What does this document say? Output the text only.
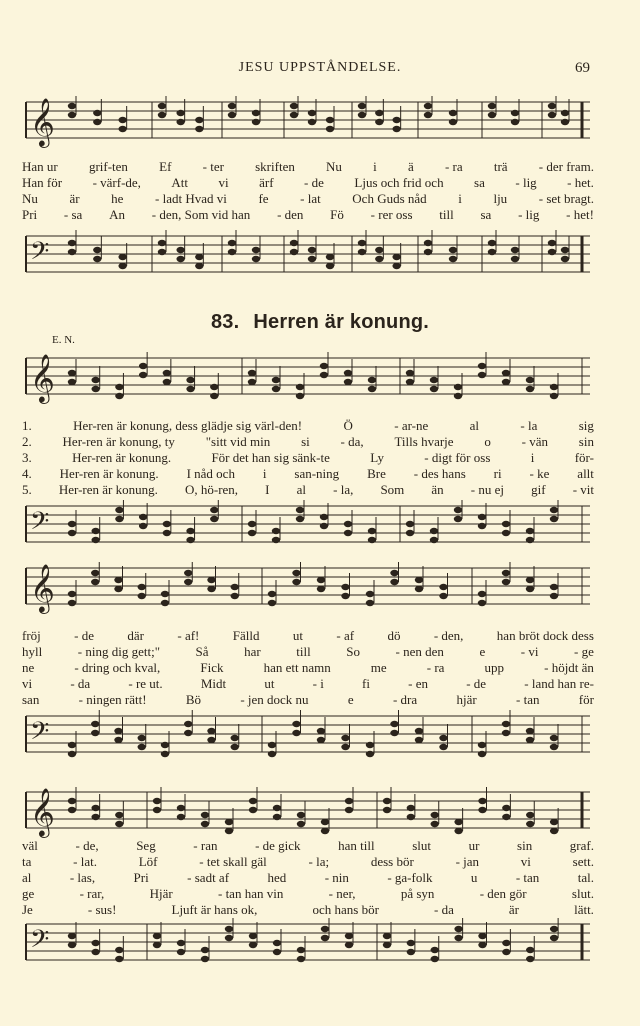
JESU UPPSTÅNDELSE.	69
𝄞
Han ur grif-ten Ef - ter skriften Nu i ä - ra trä - der fram.
Han för - värf-de, Att vi ärf - de Ljus och frid och sa - lig - het.
Nu är he - ladt Hvad vi fe - lat Och Guds nåd i lju - set bragt.
Pri - sa An - den, Som vid han - den Fö - rer oss till sa - lig - het!
𝄢
83. Herren är konung.
E. N.
𝄞
1.	Her-ren är konung, dess glädje sig värl-den!	Ö	- ar-ne	al	- la	sig
2. Her-ren är konung, ty "sitt vid min si - da, Tills hvarje o - vän sin
3.	Her-ren är konung.	För det han sig sänk-te	Ly	- digt för oss	i	för-
4. Her-ren är konung. I nåd och i san-ning Bre - des hans ri - ke allt
5. Her-ren är konung. O, hö-ren, I al - la, Som än - nu ej gif - vit
𝄢
𝄞
fröj	- de	där	- af!	Fälld	ut	- af	dö	- den,	han bröt dock dess
hyll	- ning dig gett;"	Så	har	till	So	- nen den	e	- vi	- ge
ne	- dring och kval,	Fick	han ett namn	me	- ra	upp	- höjdt än
vi	- da	- re ut.	Midt	ut	- i	fi	- en	- de	- land han re-
san	- ningen rätt!	Bö	- jen dock nu	e	- dra	hjär	- tan	för
𝄢
𝄞
väl	- de,	Seg	- ran	- de gick	han till	slut	ur	sin	graf.
ta	- lat.	Löf	- tet skall gäl	- la;	dess bör	- jan	vi	sett.
al	- las,	Pri	- sadt af	hed	- nin	- ga-folk	u	- tan	tal.
ge	- rar,	Hjär	- tan han vin	- ner,	på syn	- den gör	slut.
Je	- sus!	Ljuft är hans ok,	och hans bör	- da	är	lätt.
𝄢
